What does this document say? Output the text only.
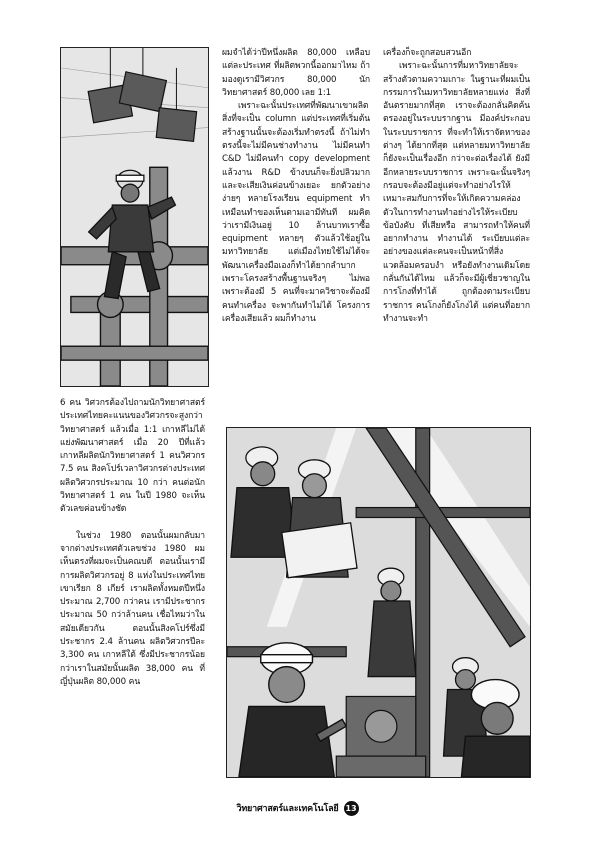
6 คน วิศวกรต้องไปถามนักวิทยาศาสตร์ ประเทศไทยคะแนนของวิศวกรจะสูงกว่าวิทยาศาสตร์ แล้วเมื่อ 1:1 เกาหลีไม่ได้แย่งพัฒนาศาสตร์ เมื่อ 20 ปีที่แล้วเกาหลีผลิตนักวิทยาศาสตร์ 1 คนวิศวกร 7.5 คน สิงคโปร์เวลาวิศวกรต่างประเทศผลิตวิศวกรประมาณ 10 กว่า คนต่อนักวิทยาศาสตร์ 1 คน ในปี 1980 จะเห็นตัวเลขค่อนข้างชัด

ในช่วง 1980 ตอนนั้นผมกลับมาจากต่างประเทศตัวเลขช่วง 1980 ผมเห็นตรงที่ผมจะเป็นคณบดี ตอนนั้นเรามีการผลิตวิศวกรอยู่ 8 แห่งในประเทศไทย เขาเรียก 8 เกียร์ เราผลิตทั้งหมดปีหนึ่งประมาณ 2,700 กว่าคน เรามีประชากรประมาณ 50 กว่าล้านคน เชื่อไหมว่าในสมัยเดียวกัน ตอนนั้นสิงคโปร์ซึ่งมีประชากร 2.4 ล้านคน ผลิตวิศวกรปีละ 3,300 คน เกาหลีใต้ ซึ่งมีประชากรน้อยกว่าเราในสมัยนั้นผลิต 38,000 คน ที่ญี่ปุ่นผลิต 80,000 คน

ผมจำได้ว่าปีหนึ่งผลิต 80,000 เหลือบแต่ละประเทศ ที่ผลิตพวกนี้ออกมาไหม ถ้ามองดูเรามีวิศวกร 80,000 นักวิทยาศาสตร์ 80,000 เลย 1:1

เพราะฉะนั้นประเทศที่พัฒนาเขาผลิตสิ่งที่จะเป็น column แต่ประเทศที่เริ่มต้นสร้างฐานนั้นจะต้องเริ่มทำตรงนี้ ถ้าไม่ทำตรงนี้จะไม่มีคนช่างทำงาน ไม่มีคนทำ C&D ไม่มีคนทำ copy development แล้วงาน R&D ข้างบนก็จะยิ่งปลิวมากและจะเสียเงินค่อนข้างเยอะ ยกตัวอย่างง่ายๆ หลายโรงเรียน equipment ทำเหมือนทำของเห็นตามเอามีทันที ผมคิดว่าเรามีเงินอยู่ 10 ล้านบาทเราซื้อ equipment หลายๆ ตัวแล้วใช้อยู่ในมหาวิทยาลัย แต่เมืองไทยใช้ไม่ได้จะพัฒนาเครื่องมือเองก็ทำได้ยากลำบาก เพราะโครงสร้างพื้นฐานจริงๆ ไม่พอ เพราะต้องมี 5 คนที่จะมาควิชาจะต้องมีคนทำเครื่อง จะพากันทำไม่ได้ โครงการเครื่องเสียแล้ว ผมก็ทำงาน

เครื่องก็จะถูกสอบสวนอีก

เพราะฉะนั้นการที่มหาวิทยาลัยจะสร้างตัวตามความเกาะ ในฐานะที่ผมเป็นกรรมการในมหาวิทยาลัยหลายแห่ง สิ่งที่อันตรายมากที่สุด เราจะต้องกลั่นคิดค้นตรองอยู่ในระบบรากฐาน มีองค์ประกอบในระบบราชการ ที่จะทำให้เราจัดหาของต่างๆ ได้ยากที่สุด แต่หลายมหาวิทยาลัยก็ยังจะเป็นเรื่องอีก กว่าจะต่อเรื่องได้ ยังมีอีกหลายระบบราชการ เพราะฉะนั้นจริงๆ กรอบจะต้องมีอยู่แต่จะทำอย่างไรให้เหมาะสมกับการที่จะให้เกิดความคล่องตัวในการทำงานทำอย่างไรให้ระเบียบ ข้อบังคับ ที่เสียหรือ สามารถทำให้คนที่อยากทำงาน ทำงานได้ ระเบียบแต่ละอย่างของแต่ละคนจะเป็นหน้าที่สิ่งแวดล้อมครอบงำ หรือยังทำงานเดิมโดยกลั่นกันได้ไหม แล้วก็จะมีผู้เชี่ยวชาญในการโกงที่ทำได้ ถูกต้องตามระเบียบราชการ คนโกงก็ยังโกงได้ แต่คนที่อยากทำงานจะทำ

วิทยาศาสตร์และเทคโนโลยี 13
